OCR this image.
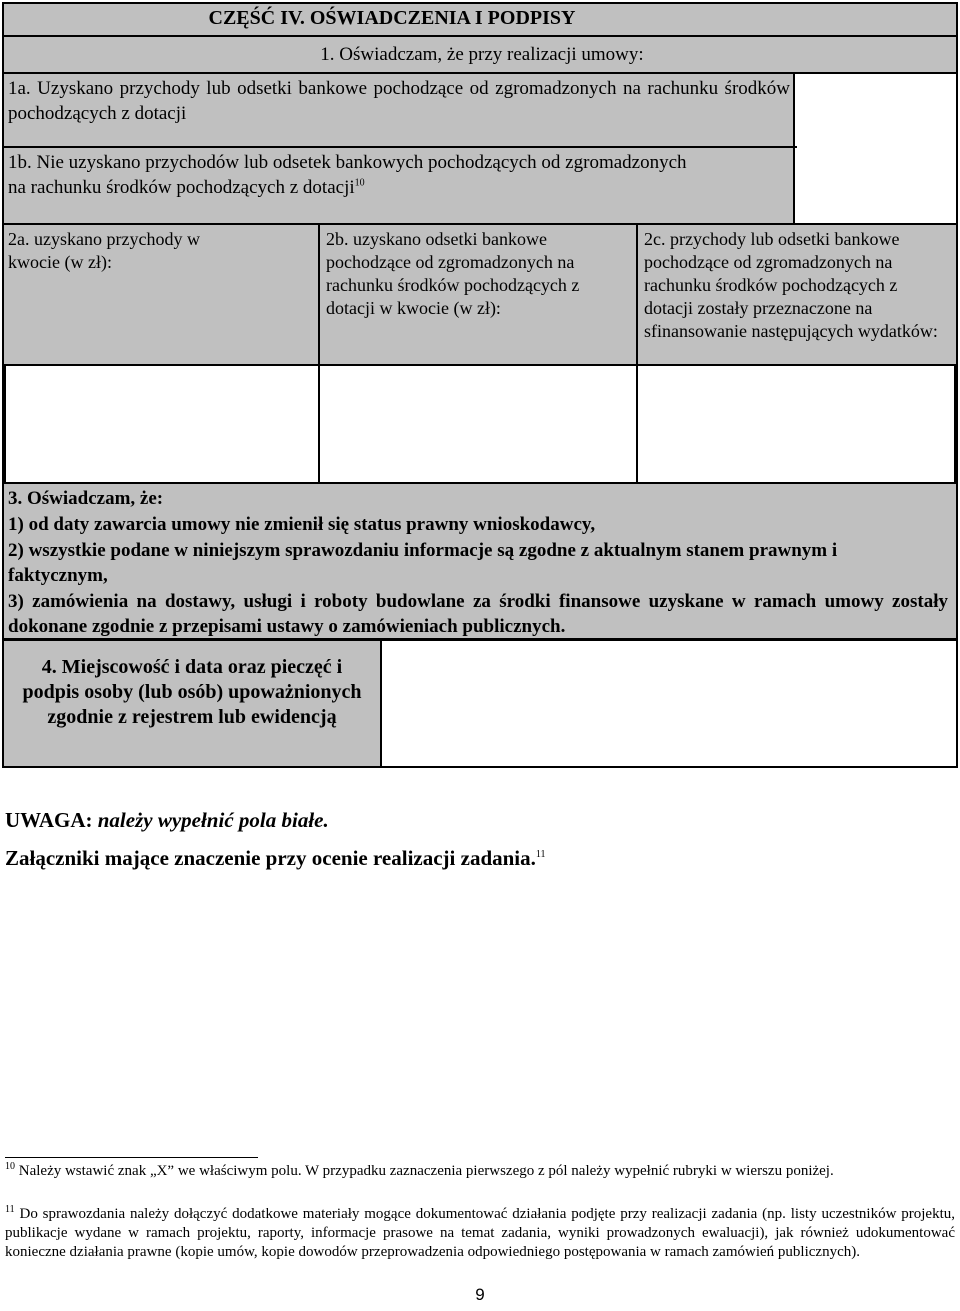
CZĘŚĆ IV. OŚWIADCZENIA I PODPISY
1. Oświadczam, że przy realizacji umowy:
1a. Uzyskano przychody lub odsetki bankowe pochodzące od zgromadzonych na rachunku środków pochodzących z dotacji
1b. Nie uzyskano przychodów lub odsetek bankowych pochodzących od zgromadzonych na rachunku środków pochodzących z dotacji$^{10}$
2a. uzyskano przychody w kwocie (w zł):
2b. uzyskano odsetki bankowe pochodzące od zgromadzonych na rachunku środków pochodzących z dotacji w kwocie (w zł):
2c. przychody lub odsetki bankowe pochodzące od zgromadzonych na rachunku środków pochodzących z dotacji zostały przeznaczone na sfinansowanie następujących wydatków:
3. Oświadczam, że:
1) od daty zawarcia umowy nie zmienił się status prawny wnioskodawcy,
2) wszystkie podane w niniejszym sprawozdaniu informacje są zgodne z aktualnym stanem prawnym i faktycznym,
3) zamówienia na dostawy, usługi i roboty budowlane za środki finansowe uzyskane w ramach umowy zostały dokonane zgodnie z przepisami ustawy o zamówieniach publicznych.
4. Miejscowość i data oraz pieczęć i podpis osoby (lub osób) upoważnionych zgodnie z rejestrem lub ewidencją
UWAGA: należy wypełnić pola białe.
Załączniki mające znaczenie przy ocenie realizacji zadania.$^{11}$
$^{10}$ Należy wstawić znak „X” we właściwym polu. W przypadku zaznaczenia pierwszego z pól należy wypełnić rubryki w wierszu poniżej.
$^{11}$ Do sprawozdania należy dołączyć dodatkowe materiały mogące dokumentować działania podjęte przy realizacji zadania (np. listy uczestników projektu, publikacje wydane w ramach projektu, raporty, informacje prasowe na temat zadania, wyniki prowadzonych ewaluacji), jak również udokumentować konieczne działania prawne (kopie umów, kopie dowodów przeprowadzenia odpowiedniego postępowania w ramach zamówień publicznych).
9
